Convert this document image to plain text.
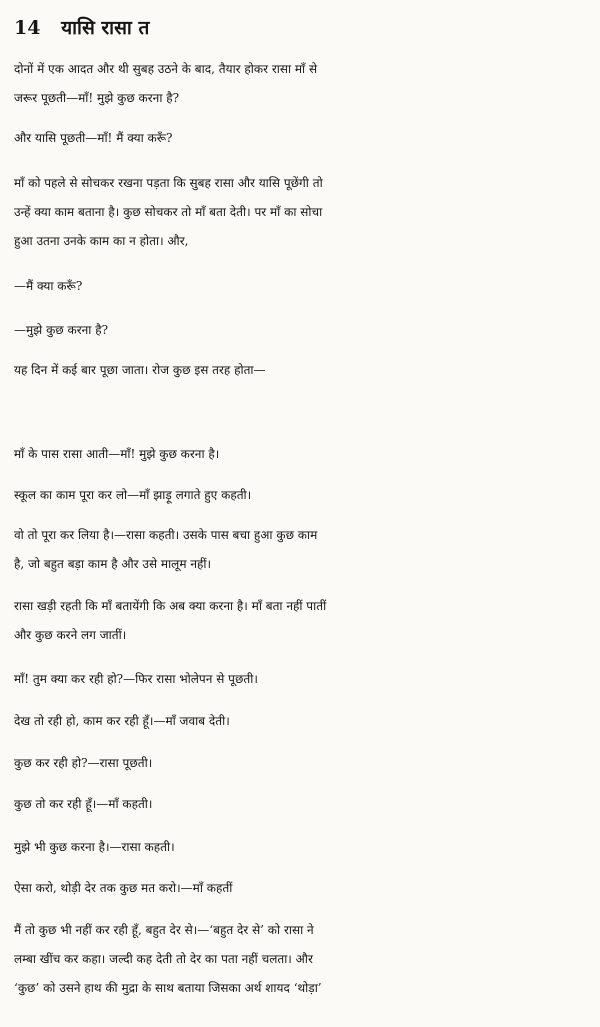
14 यासि रासा त

दोनों में एक आदत और थी सुबह उठने के बाद, तैयार होकर रासा माँ से
जरूर पूछती—माँ! मुझे कुछ करना है?

और यासि पूछती—माँ! मैं क्या करूँ?

माँ को पहले से सोचकर रखना पड़ता कि सुबह रासा और यासि पूछेंगी तो
उन्हें क्या काम बताना है। कुछ सोचकर तो माँ बता देती। पर माँ का सोचा
हुआ उतना उनके काम का न होता। और,

—मैं क्या करूँ?

—मुझे कुछ करना है?

यह दिन में कई बार पूछा जाता। रोज कुछ इस तरह होता—

माँ के पास रासा आती—माँ! मुझे कुछ करना है।

स्कूल का काम पूरा कर लो—माँ झाड़ू लगाते हुए कहती।

वो तो पूरा कर लिया है।—रासा कहती। उसके पास बचा हुआ कुछ काम
है, जो बहुत बड़ा काम है और उसे मालूम नहीं।

रासा खड़ी रहती कि माँ बतायेंगी कि अब क्या करना है। माँ बता नहीं पातीं
और कुछ करने लग जातीं।

माँ! तुम क्या कर रही हो?—फिर रासा भोलेपन से पूछती।

देख तो रही हो, काम कर रही हूँ।—माँ जवाब देती।

कुछ कर रही हो?—रासा पूछती।

कुछ तो कर रही हूँ।—माँ कहती।

मुझे भी कुछ करना है।—रासा कहती।

ऐसा करो, थोड़ी देर तक कुछ मत करो।—माँ कहतीं

मैं तो कुछ भी नहीं कर रही हूँ, बहुत देर से।—‘बहुत देर से’ को रासा ने
लम्बा खींच कर कहा। जल्दी कह देती तो देर का पता नहीं चलता। और
‘कुछ’ को उसने हाथ की मुद्रा के साथ बताया जिसका अर्थ शायद ‘थोड़ा’
